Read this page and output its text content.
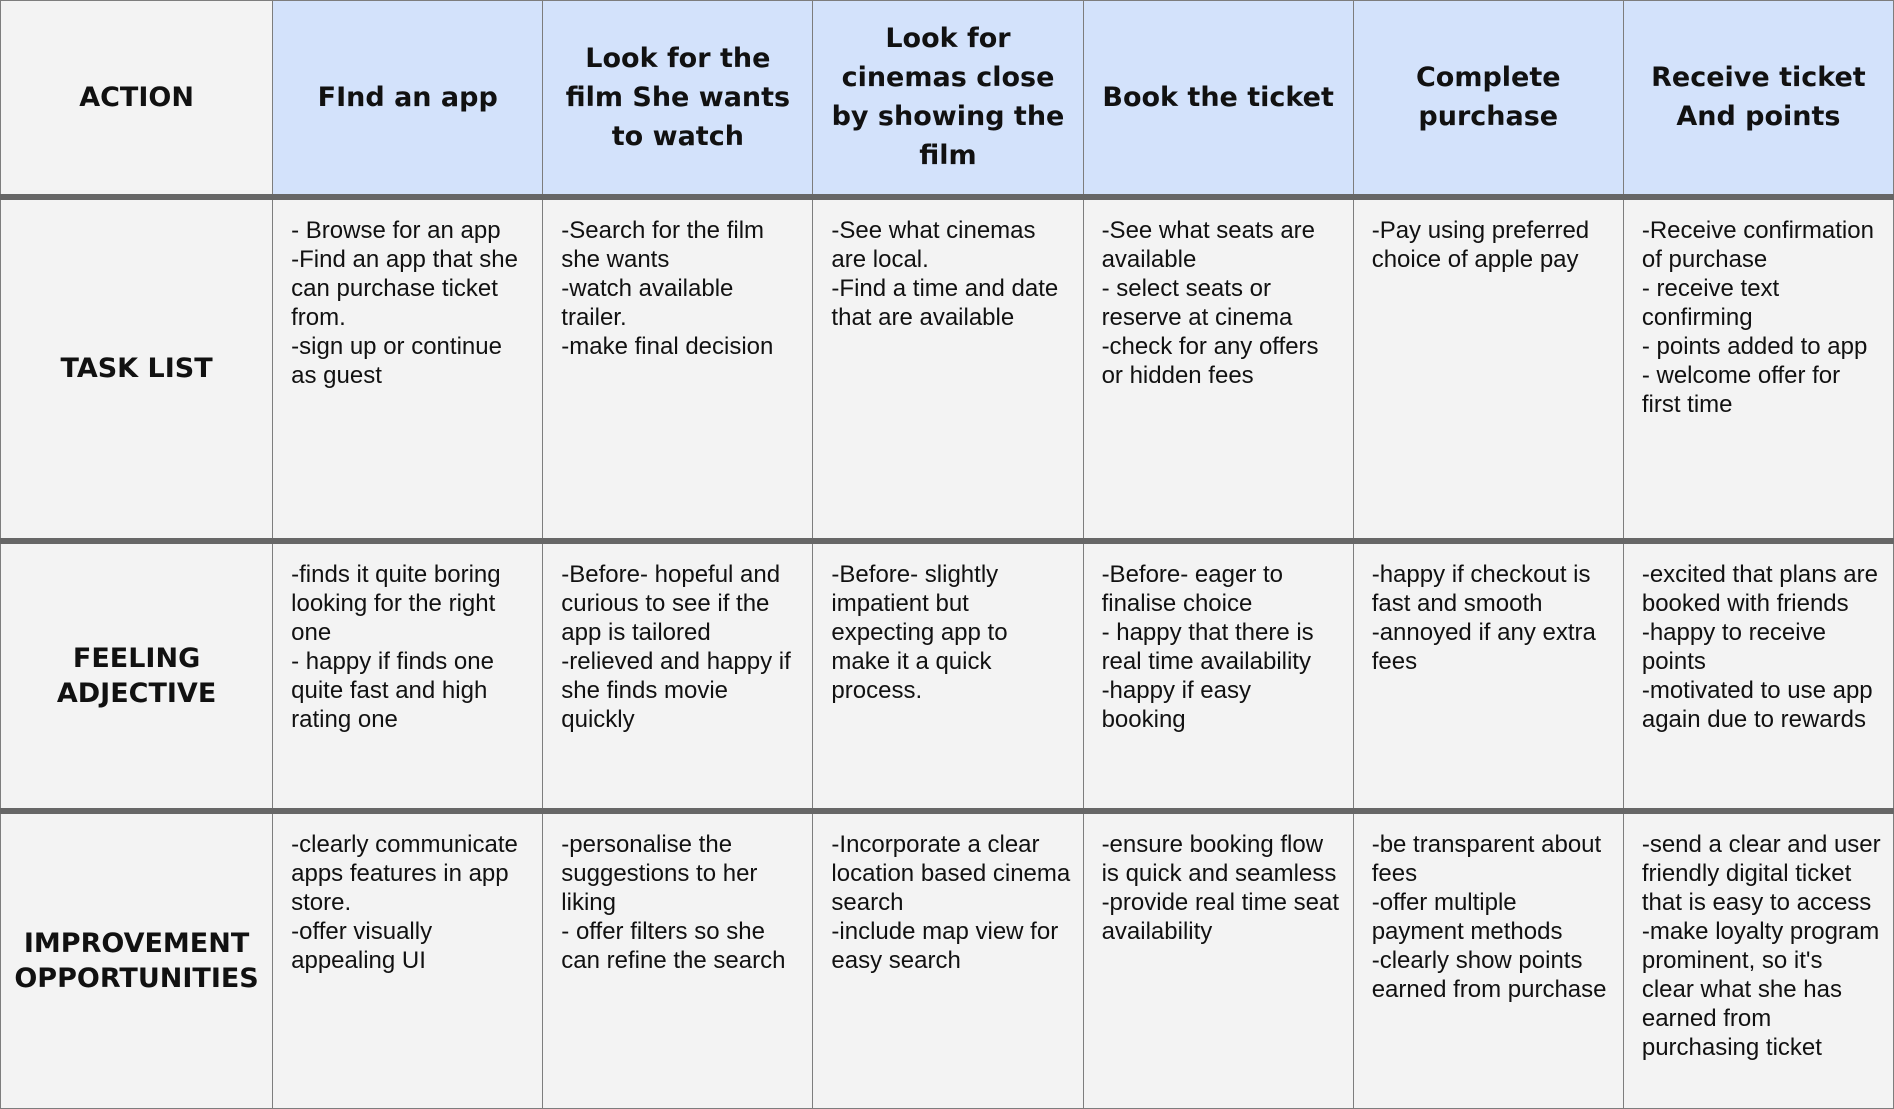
ACTION	FInd an app	Look for the film She wants to watch	Look for cinemas close by showing the film	Book the ticket	Complete purchase	Receive ticket And points
TASK LIST	- Browse for an app
-Find an app that she can purchase ticket from.
-sign up or continue as guest	-Search for the film she wants
-watch available trailer.
-make final decision	-See what cinemas are local.
-Find a time and date that are available	-See what seats are available
- select seats or reserve at cinema
-check for any offers or hidden fees	-Pay using preferred choice of apple pay	-Receive confirmation of purchase
- receive text confirming
- points added to app
- welcome offer for first time

FEELING ADJECTIVE	-finds it quite boring looking for the right one
- happy if finds one quite fast and high rating one	-Before- hopeful and curious to see if the app is tailored
-relieved and happy if she finds movie quickly	-Before- slightly impatient but expecting app to make it a quick process.	-Before- eager to finalise choice
- happy that there is real time availability
-happy if easy booking	-happy if checkout is fast and smooth
-annoyed if any extra fees	-excited that plans are booked with friends
-happy to receive points
-motivated to use app again due to rewards

IMPROVEMENT OPPORTUNITIES	-clearly communicate apps features in app store.
-offer visually appealing UI	-personalise the suggestions to her liking
- offer filters so she can refine the search	-Incorporate a clear location based cinema search
-include map view for easy search	-ensure booking flow is quick and seamless
-provide real time seat availability	-be transparent about fees
-offer multiple payment methods
-clearly show points earned from purchase	-send a clear and user friendly digital ticket that is easy to access
-make loyalty program prominent, so it's clear what she has earned from purchasing ticket
